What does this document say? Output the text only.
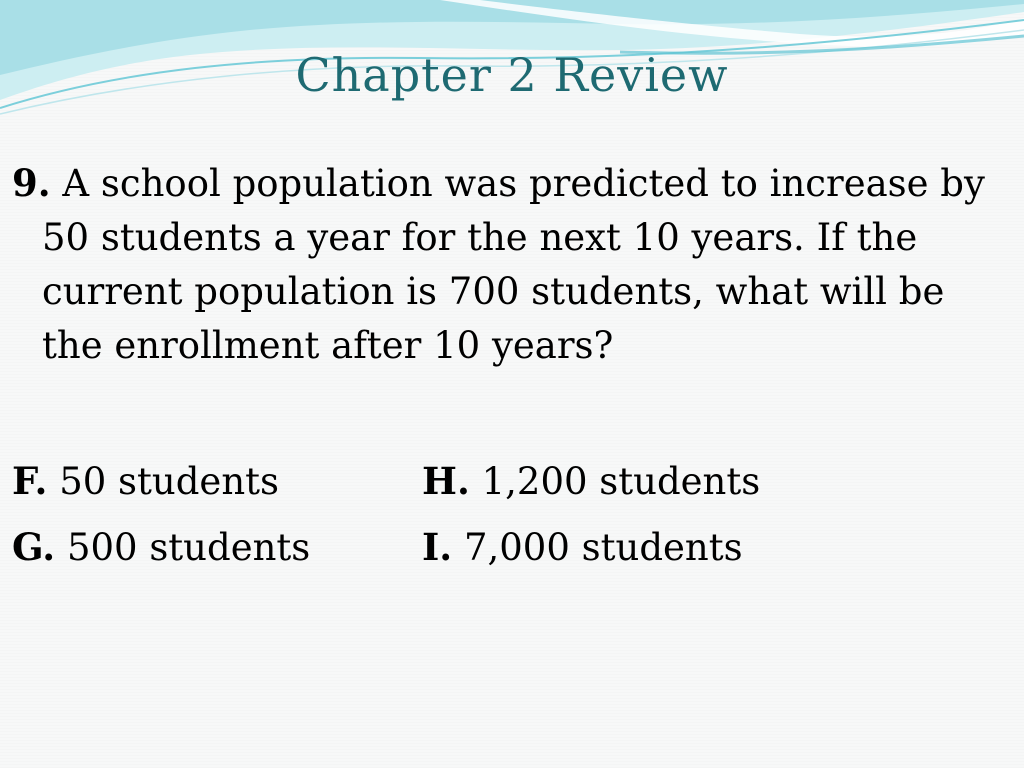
Chapter 2 Review
9. A school population was predicted to increase by 50 students a year for the next 10 years. If the current population is 700 students, what will be the enrollment after 10 years?
F. 50 students	H. 1,200 students
G. 500 students	I. 7,000 students
